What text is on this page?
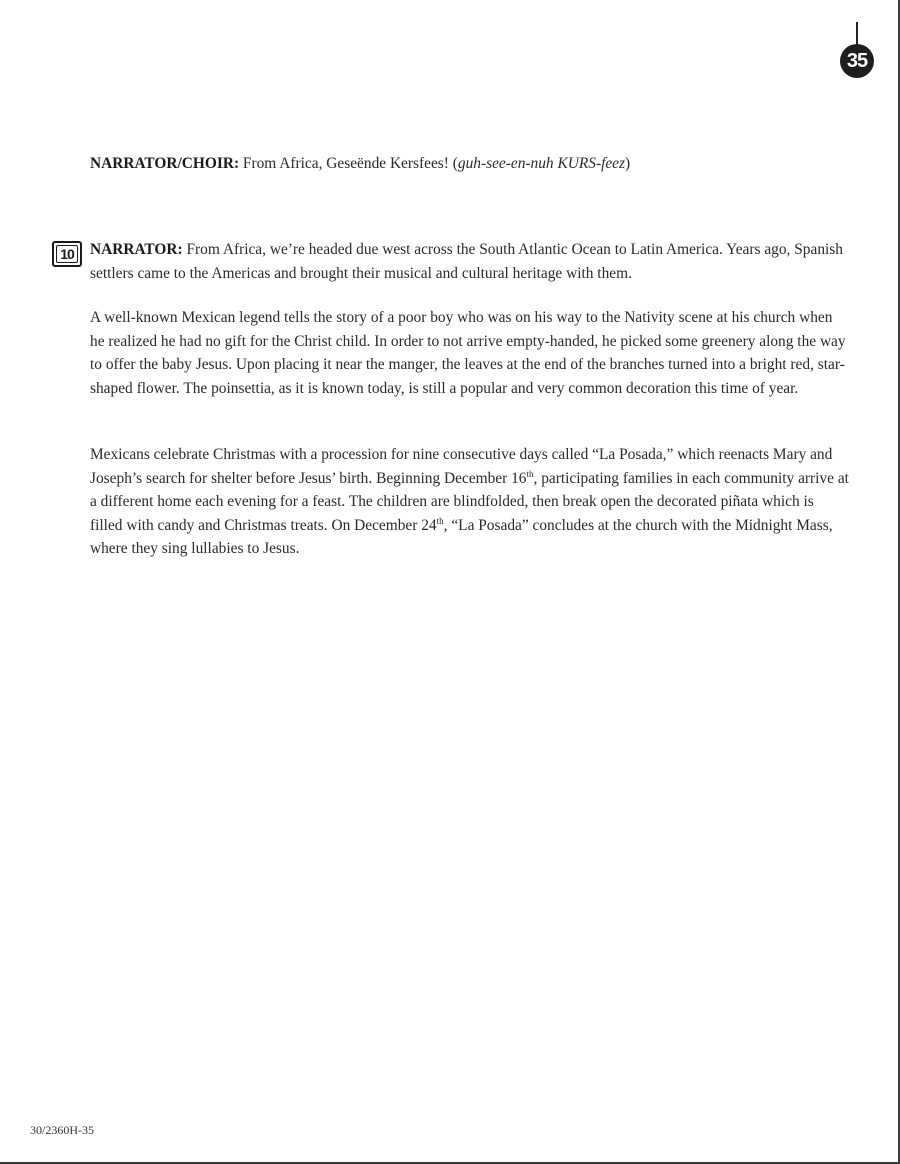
35

NARRATOR/CHOIR: From Africa, Geseënde Kersfees! (guh-see-en-nuh KURS-feez)

10 NARRATOR: From Africa, we’re headed due west across the South Atlantic Ocean to Latin America. Years ago, Spanish settlers came to the Americas and brought their musical and cultural heritage with them.

A well-known Mexican legend tells the story of a poor boy who was on his way to the Nativity scene at his church when he realized he had no gift for the Christ child. In order to not arrive empty-handed, he picked some greenery along the way to offer the baby Jesus. Upon placing it near the manger, the leaves at the end of the branches turned into a bright red, star-shaped flower. The poinsettia, as it is known today, is still a popular and very common decoration this time of year.

Mexicans celebrate Christmas with a procession for nine consecutive days called “La Posada,” which reenacts Mary and Joseph’s search for shelter before Jesus’ birth. Beginning December 16th, participating families in each community arrive at a different home each evening for a feast. The children are blindfolded, then break open the decorated piñata which is filled with candy and Christmas treats. On December 24th, “La Posada” concludes at the church with the Midnight Mass, where they sing lullabies to Jesus.

30/2360H-35
